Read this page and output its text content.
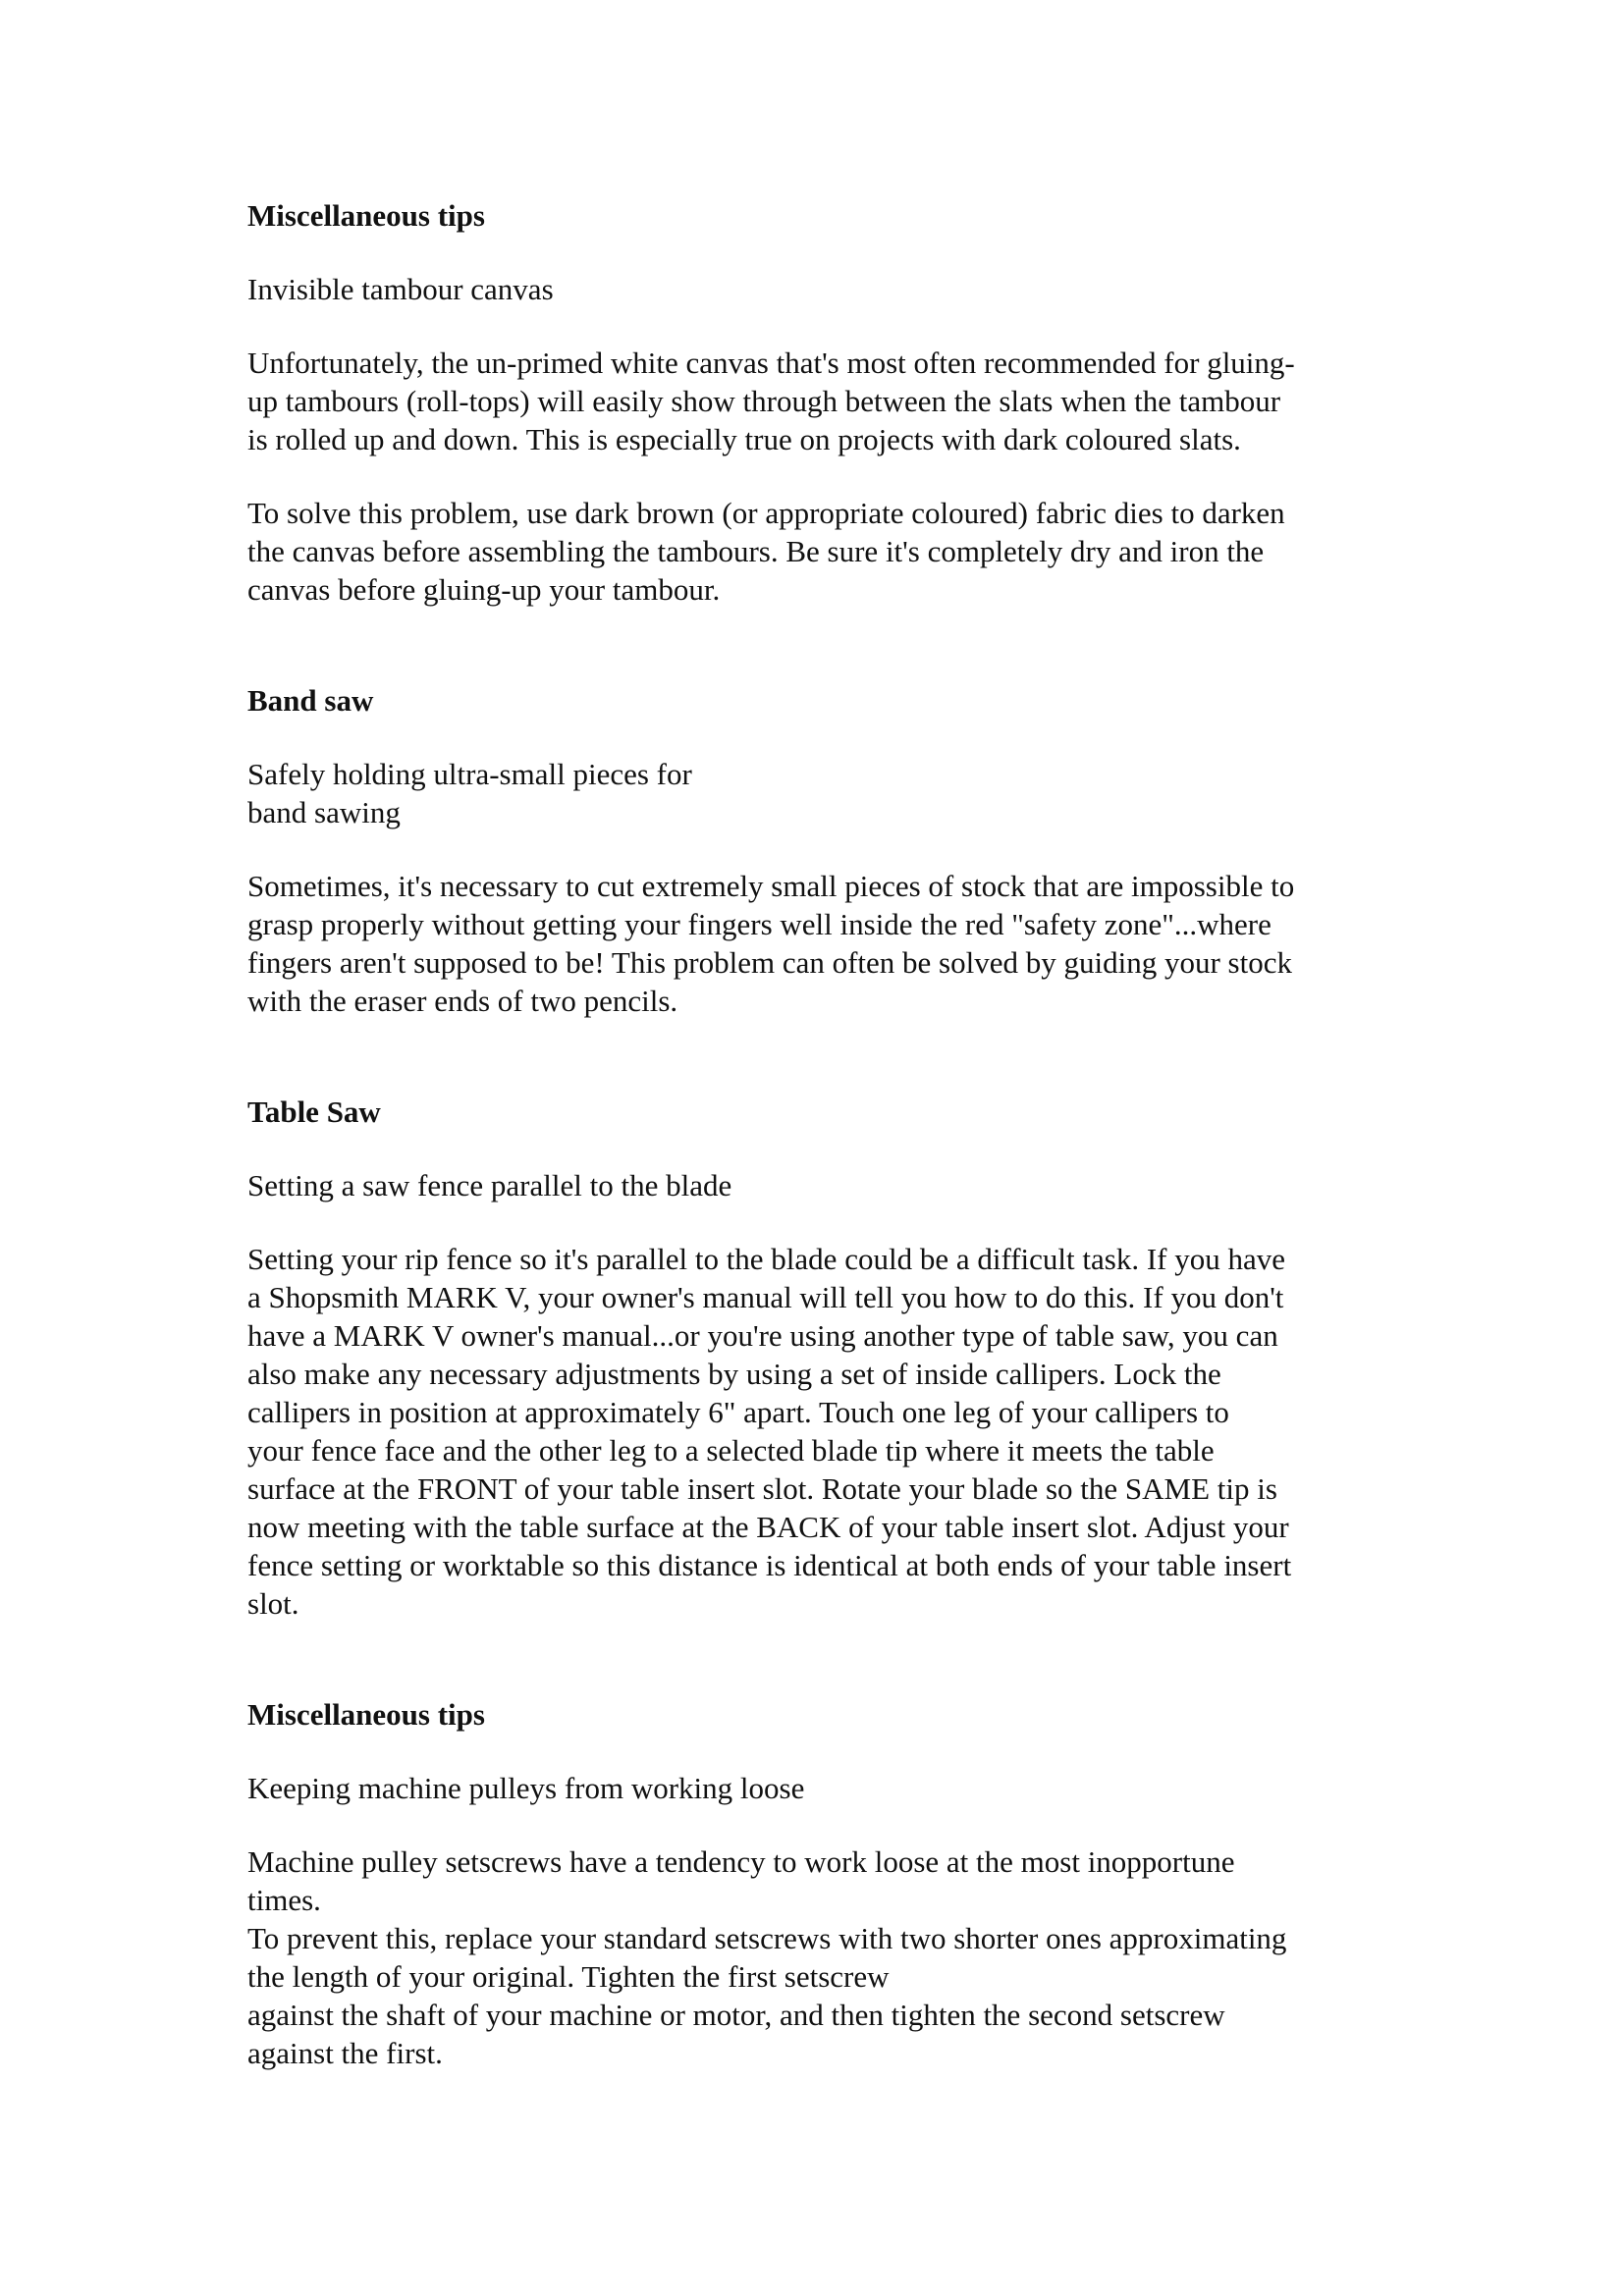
Miscellaneous tips

Invisible tambour canvas

Unfortunately, the un-primed white canvas that's most often recommended for gluing-
up tambours (roll-tops) will easily show through between the slats when the tambour
is rolled up and down. This is especially true on projects with dark coloured slats.

To solve this problem, use dark brown (or appropriate coloured) fabric dies to darken
the canvas before assembling the tambours. Be sure it's completely dry and iron the
canvas before gluing-up your tambour.

Band saw

Safely holding ultra-small pieces for
band sawing

Sometimes, it's necessary to cut extremely small pieces of stock that are impossible to
grasp properly without getting your fingers well inside the red "safety zone"...where
fingers aren't supposed to be! This problem can often be solved by guiding your stock
with the eraser ends of two pencils.

Table Saw

Setting a saw fence parallel to the blade

Setting your rip fence so it's parallel to the blade could be a difficult task. If you have
a Shopsmith MARK V, your owner's manual will tell you how to do this. If you don't
have a MARK V owner's manual...or you're using another type of table saw, you can
also make any necessary adjustments by using a set of inside callipers. Lock the
callipers in position at approximately 6" apart. Touch one leg of your callipers to
your fence face and the other leg to a selected blade tip where it meets the table
surface at the FRONT of your table insert slot. Rotate your blade so the SAME tip is
now meeting with the table surface at the BACK of your table insert slot. Adjust your
fence setting or worktable so this distance is identical at both ends of your table insert
slot.

Miscellaneous tips

Keeping machine pulleys from working loose

Machine pulley setscrews have a tendency to work loose at the most inopportune
times.
To prevent this, replace your standard setscrews with two shorter ones approximating
the length of your original. Tighten the first setscrew
against the shaft of your machine or motor, and then tighten the second setscrew
against the first.
